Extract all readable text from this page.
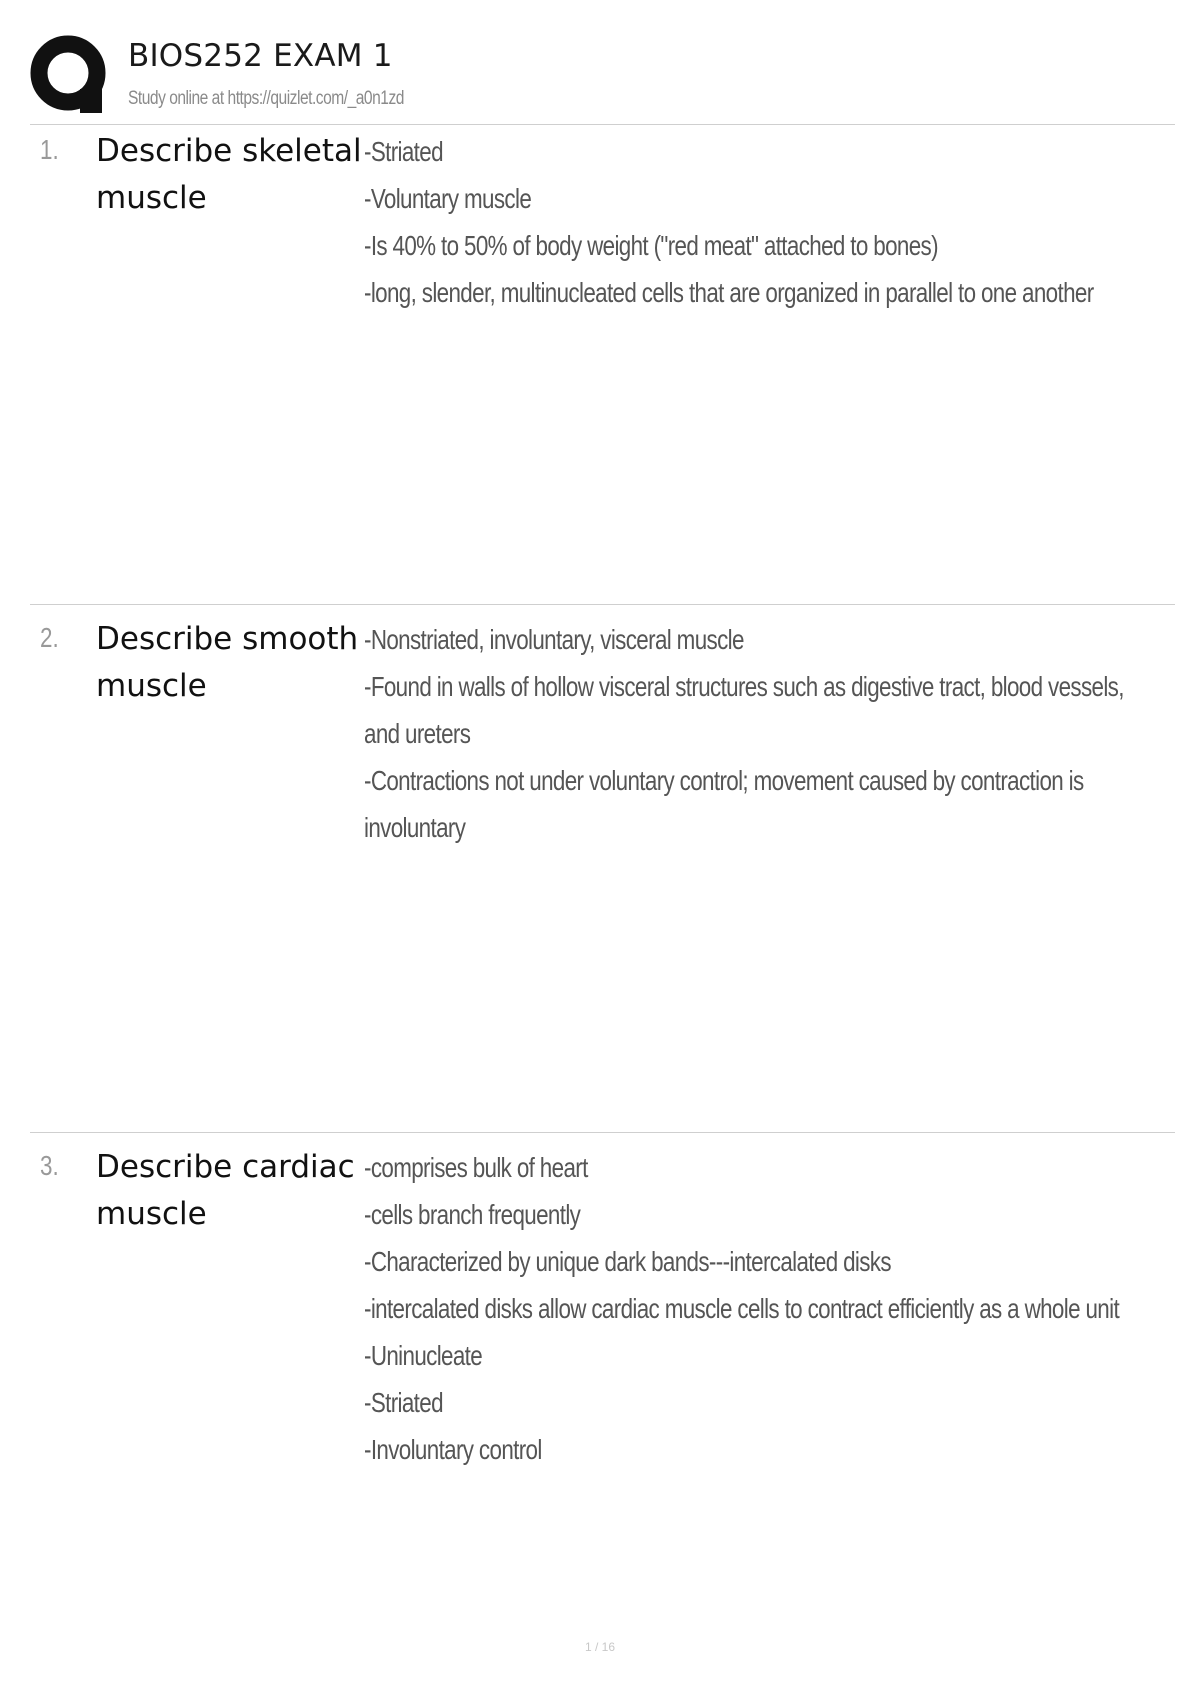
BIOS252 EXAM 1
Study online at https://quizlet.com/_a0n1zd
1. Describe skeletal
muscle
-Striated
-Voluntary muscle
-Is 40% to 50% of body weight ("red meat" attached to bones)
-long, slender, multinucleated cells that are organized in parallel to one another
2. Describe smooth
muscle
-Nonstriated, involuntary, visceral muscle
-Found in walls of hollow visceral structures such as digestive tract, blood vessels,
and ureters
-Contractions not under voluntary control; movement caused by contraction is
involuntary
3. Describe cardiac
muscle
-comprises bulk of heart
-cells branch frequently
-Characterized by unique dark bands---intercalated disks
-intercalated disks allow cardiac muscle cells to contract efficiently as a whole unit
-Uninucleate
-Striated
-Involuntary control
1 / 16
